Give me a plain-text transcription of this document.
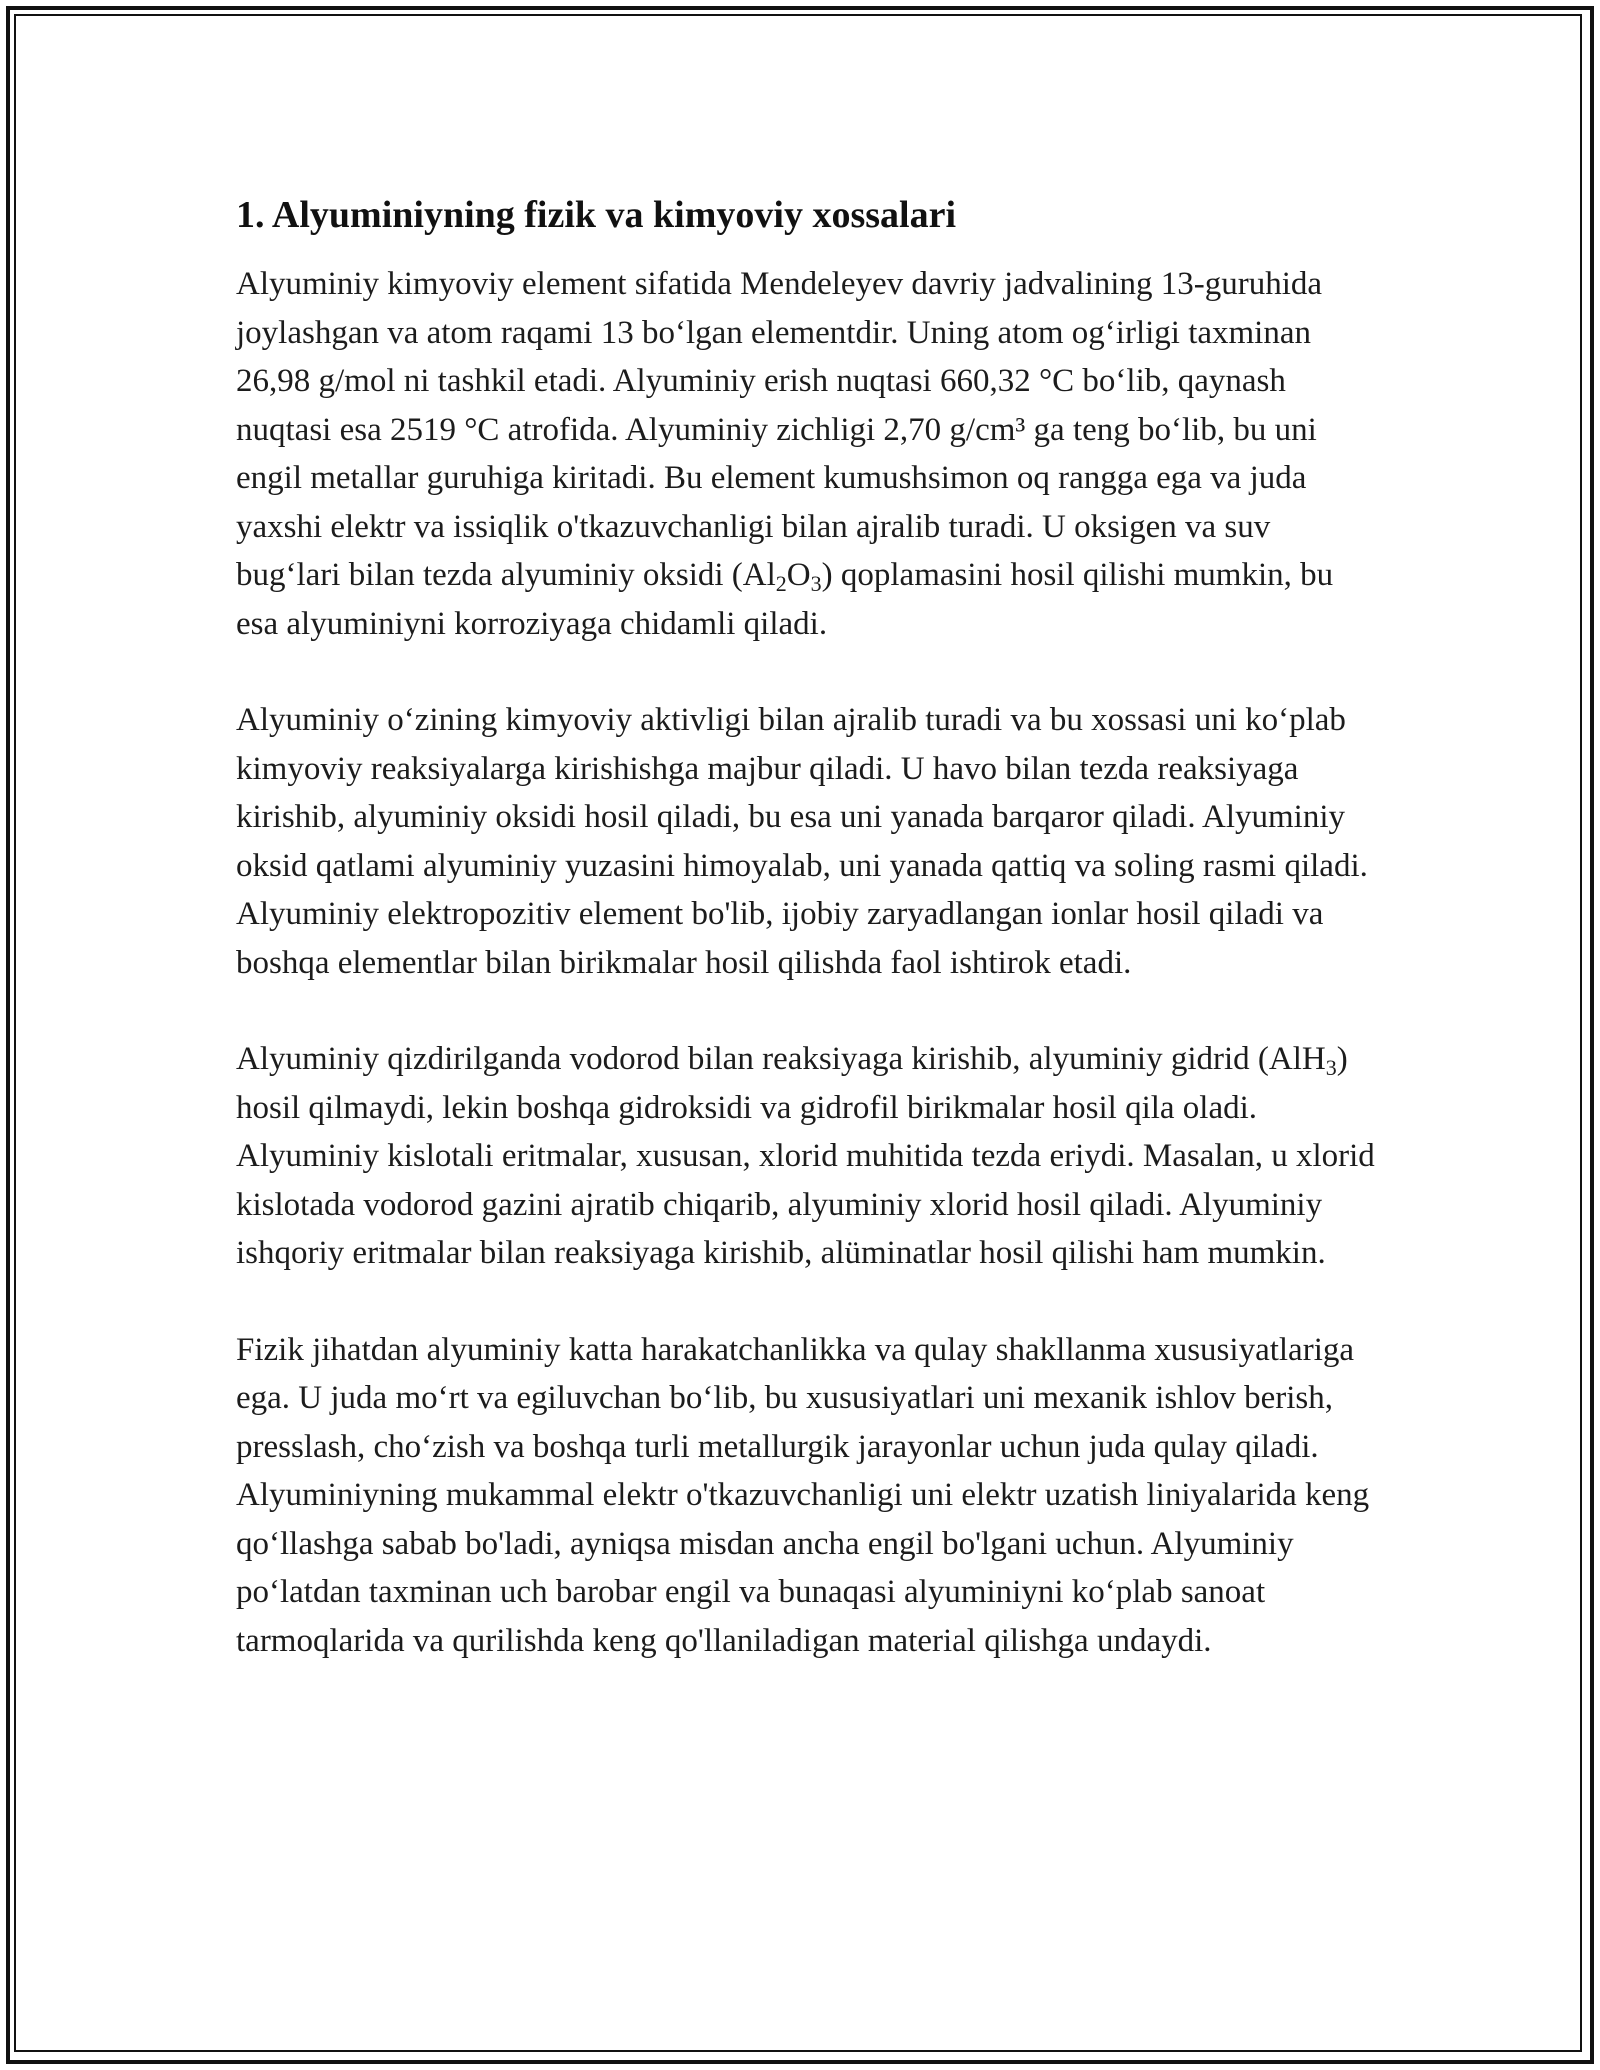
1. Alyuminiyning fizik va kimyoviy xossalari

Alyuminiy kimyoviy element sifatida Mendeleyev davriy jadvalining 13-guruhida joylashgan va atom raqami 13 bo‘lgan elementdir. Uning atom og‘irligi taxminan 26,98 g/mol ni tashkil etadi. Alyuminiy erish nuqtasi 660,32 °C bo‘lib, qaynash nuqtasi esa 2519 °C atrofida. Alyuminiy zichligi 2,70 g/cm³ ga teng bo‘lib, bu uni engil metallar guruhiga kiritadi. Bu element kumushsimon oq rangga ega va juda yaxshi elektr va issiqlik o'tkazuvchanligi bilan ajralib turadi. U oksigen va suv bug‘lari bilan tezda alyuminiy oksidi $(Al_2O_3)$ qoplamasini hosil qilishi mumkin, bu esa alyuminiyni korroziyaga chidamli qiladi.

Alyuminiy o‘zining kimyoviy aktivligi bilan ajralib turadi va bu xossasi uni ko‘plab kimyoviy reaksiyalarga kirishishga majbur qiladi. U havo bilan tezda reaksiyaga kirishib, alyuminiy oksidi hosil qiladi, bu esa uni yanada barqaror qiladi. Alyuminiy oksid qatlami alyuminiy yuzasini himoyalab, uni yanada qattiq va soling rasmi qiladi. Alyuminiy elektropozitiv element bo'lib, ijobiy zaryadlangan ionlar hosil qiladi va boshqa elementlar bilan birikmalar hosil qilishda faol ishtirok etadi.

Alyuminiy qizdirilganda vodorod bilan reaksiyaga kirishib, alyuminiy gidrid (AlH$_3$) hosil qilmaydi, lekin boshqa gidroksidi va gidrofil birikmalar hosil qila oladi. Alyuminiy kislotali eritmalar, xususan, xlorid muhitida tezda eriydi. Masalan, u xlorid kislotada vodorod gazini ajratib chiqarib, alyuminiy xlorid hosil qiladi. Alyuminiy ishqoriy eritmalar bilan reaksiyaga kirishib, alüminatlar hosil qilishi ham mumkin.

Fizik jihatdan alyuminiy katta harakatchanlikka va qulay shakllanma xususiyatlariga ega. U juda mo‘rt va egiluvchan bo‘lib, bu xususiyatlari uni mexanik ishlov berish, presslash, cho‘zish va boshqa turli metallurgik jarayonlar uchun juda qulay qiladi. Alyuminiyning mukammal elektr o'tkazuvchanligi uni elektr uzatish liniyalarida keng qo‘llashga sabab bo'ladi, ayniqsa misdan ancha engil bo'lgani uchun. Alyuminiy po‘latdan taxminan uch barobar engil va bunaqasi alyuminiyni ko‘plab sanoat tarmoqlarida va qurilishda keng qo'llaniladigan material qilishga undaydi.
